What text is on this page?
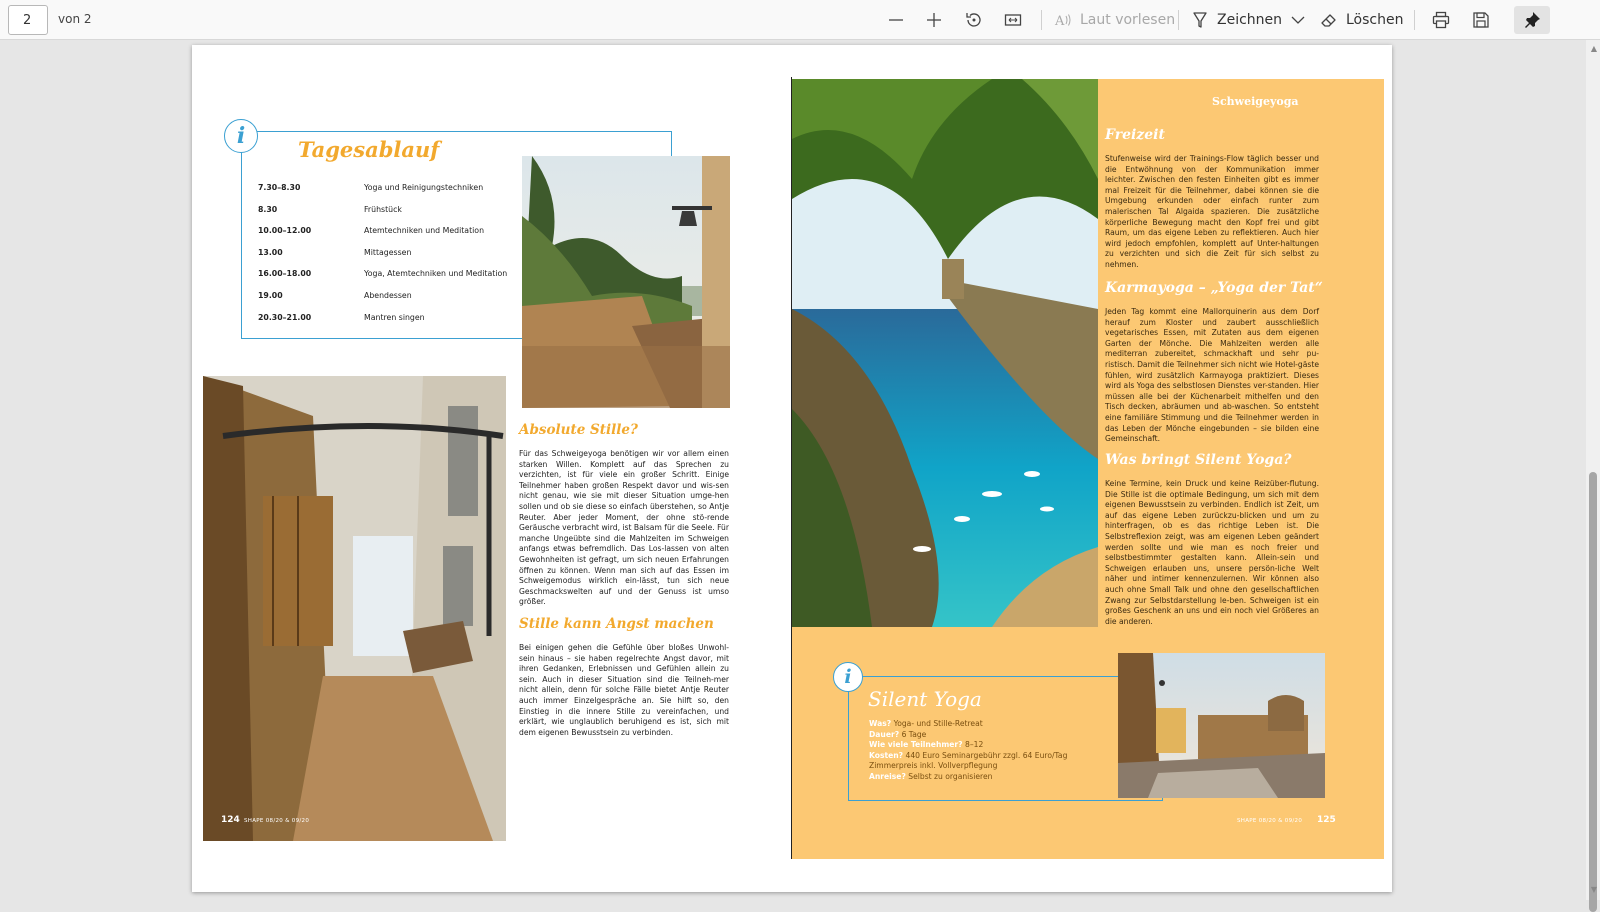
2
von 2	A Laut vorlesen	Zeichnen	Löschen
▲
▼
i
Tagesablauf
7.30–8.30	Yoga und Reinigungstechniken
8.30	Frühstück
10.00–12.00	Atemtechniken und Meditation
13.00	Mittagessen
16.00–18.00	Yoga, Atemtechniken und Meditation
19.00	Abendessen
20.30–21.00	Mantren singen
Absolute Stille?
Für das Schweigeyoga benötigen wir vor allem einen starken Willen. Komplett auf das Sprechen zu verzichten, ist für viele ein großer Schritt. Einige Teilnehmer haben großen Respekt davor und wis-sen nicht genau, wie sie mit dieser Situation umge-hen sollen und ob sie diese so einfach überstehen, so Antje Reuter. Aber jeder Moment, der ohne stö-rende Geräusche verbracht wird, ist Balsam für die Seele. Für manche Ungeübte sind die Mahlzeiten im Schweigen anfangs etwas befremdlich. Das Los-lassen von alten Gewohnheiten ist gefragt, um sich neuen Erfahrungen öffnen zu können. Wenn man sich auf das Essen im Schweigemodus wirklich ein-lässt, tun sich neue Geschmackswelten auf und der Genuss ist umso größer.
Stille kann Angst machen
Bei einigen gehen die Gefühle über bloßes Unwohl-sein hinaus – sie haben regelrechte Angst davor, mit ihren Gedanken, Erlebnissen und Gefühlen allein zu sein. Auch in dieser Situation sind die Teilneh-mer nicht allein, denn für solche Fälle bietet Antje Reuter auch immer Einzelgespräche an. Sie hilft so, den Einstieg in die innere Stille zu vereinfachen, und erklärt, wie unglaublich beruhigend es ist, sich mit dem eigenen Bewusstsein zu verbinden.
124 SHAPE 08/20 & 09/20
Schweigeyoga
Freizeit
Stufenweise wird der Trainings-Flow täglich besser und die Entwöhnung von der Kommunikation immer leichter. Zwischen den festen Einheiten gibt es immer mal Freizeit für die Teilnehmer, dabei können sie die Umgebung erkunden oder einfach runter zum malerischen Tal Algaida spazieren. Die zusätzliche körperliche Bewegung macht den Kopf frei und gibt Raum, um das eigene Leben zu reflektieren. Auch hier wird jedoch empfohlen, komplett auf Unter-haltungen zu verzichten und sich die Zeit für sich selbst zu nehmen.
Karmayoga – „Yoga der Tat“
Jeden Tag kommt eine Mallorquinerin aus dem Dorf herauf zum Kloster und zaubert ausschließlich vegetarisches Essen, mit Zutaten aus dem eigenen Garten der Mönche. Die Mahlzeiten werden alle mediterran zubereitet, schmackhaft und sehr pu-ristisch. Damit die Teilnehmer sich nicht wie Hotel-gäste fühlen, wird zusätzlich Karmayoga praktiziert. Dieses wird als Yoga des selbstlosen Dienstes ver-standen. Hier müssen alle bei der Küchenarbeit mithelfen und den Tisch decken, abräumen und ab-waschen. So entsteht eine familiäre Stimmung und die Teilnehmer werden in das Leben der Mönche eingebunden – sie bilden eine Gemeinschaft.
Was bringt Silent Yoga?
Keine Termine, kein Druck und keine Reizüber-flutung. Die Stille ist die optimale Bedingung, um sich mit dem eigenen Bewusstsein zu verbinden. Endlich ist Zeit, um auf das eigene Leben zurückzu-blicken und um zu hinterfragen, ob es das richtige Leben ist. Die Selbstreflexion zeigt, was am eigenen Leben geändert werden sollte und wie man es noch freier und selbstbestimmter gestalten kann. Allein-sein und Schweigen erlauben uns, unsere persön-liche Welt näher und intimer kennenzulernen. Wir können also auch ohne Small Talk und ohne den gesellschaftlichen Zwang zur Selbstdarstellung le-ben. Schweigen ist ein großes Geschenk an uns und ein noch viel Größeres an die anderen.
i
Silent Yoga
Was? Yoga- und Stille-Retreat
Dauer? 6 Tage
Wie viele Teilnehmer? 8–12
Kosten? 440 Euro Seminargebühr zzgl. 64 Euro/Tag
Zimmerpreis inkl. Vollverpflegung
Anreise? Selbst zu organisieren
SHAPE 08/20 & 09/20 125
